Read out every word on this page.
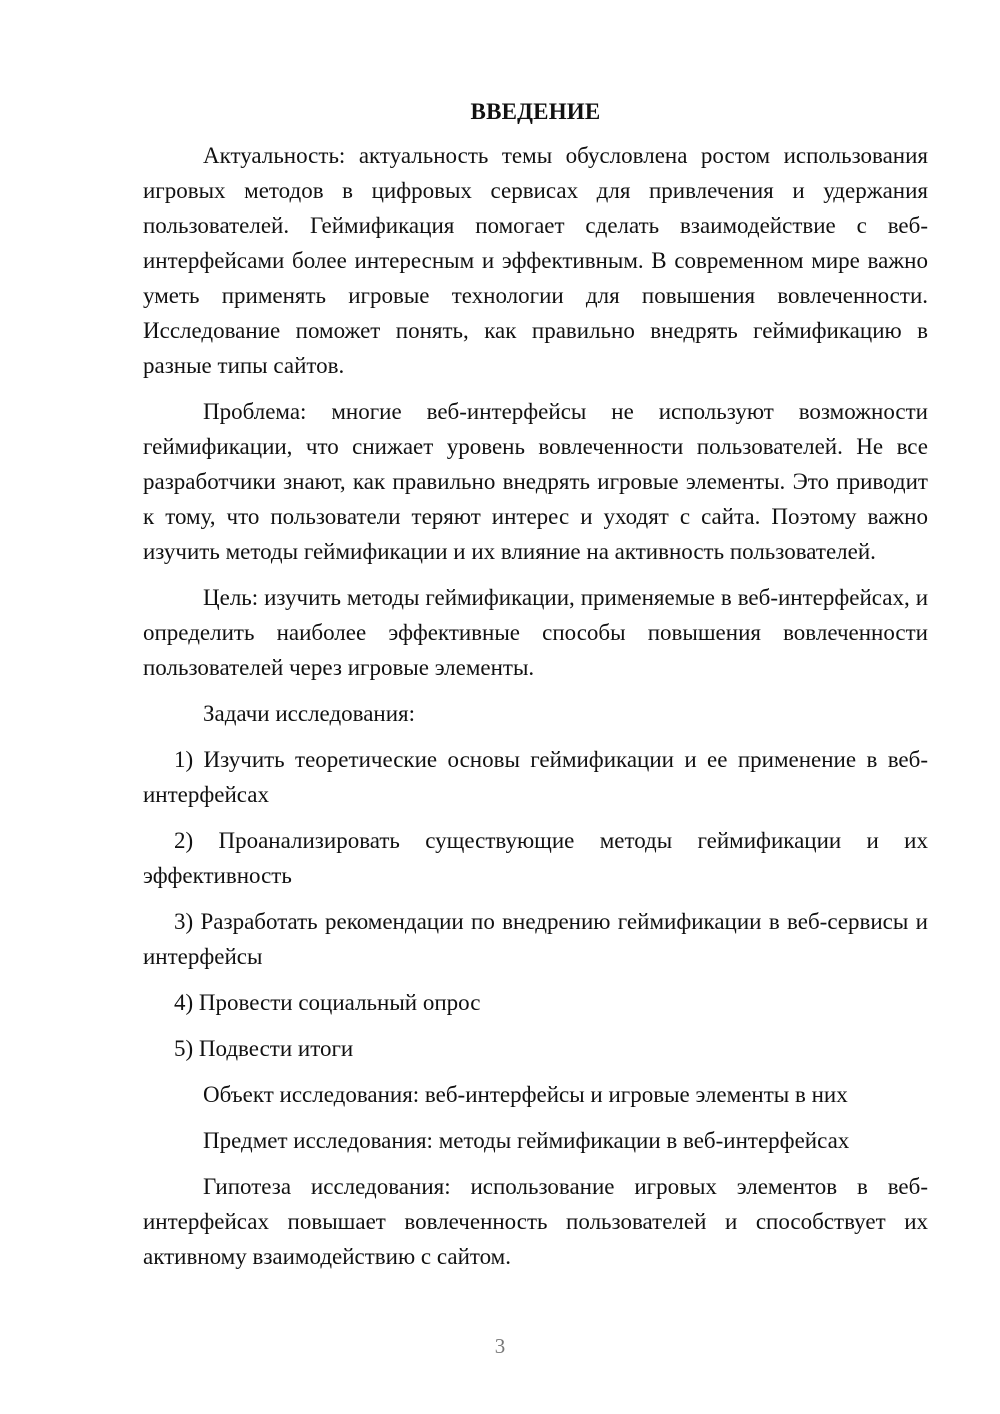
ВВЕДЕНИЕ

Актуальность: актуальность темы обусловлена ростом использования игровых методов в цифровых сервисах для привлечения и удержания пользователей. Геймификация помогает сделать взаимодействие с веб-интерфейсами более интересным и эффективным. В современном мире важно уметь применять игровые технологии для повышения вовлеченности. Исследование поможет понять, как правильно внедрять геймификацию в разные типы сайтов.

Проблема: многие веб-интерфейсы не используют возможности геймификации, что снижает уровень вовлеченности пользователей. Не все разработчики знают, как правильно внедрять игровые элементы. Это приводит к тому, что пользователи теряют интерес и уходят с сайта. Поэтому важно изучить методы геймификации и их влияние на активность пользователей.

Цель: изучить методы геймификации, применяемые в веб-интерфейсах, и определить наиболее эффективные способы повышения вовлеченности пользователей через игровые элементы.

Задачи исследования:

1) Изучить теоретические основы геймификации и ее применение в веб-интерфейсах

2) Проанализировать существующие методы геймификации и их эффективность

3) Разработать рекомендации по внедрению геймификации в веб-сервисы и интерфейсы

4) Провести социальный опрос

5) Подвести итоги

Объект исследования: веб-интерфейсы и игровые элементы в них

Предмет исследования: методы геймификации в веб-интерфейсах

Гипотеза исследования: использование игровых элементов в веб-интерфейсах повышает вовлеченность пользователей и способствует их активному взаимодействию с сайтом.

3
